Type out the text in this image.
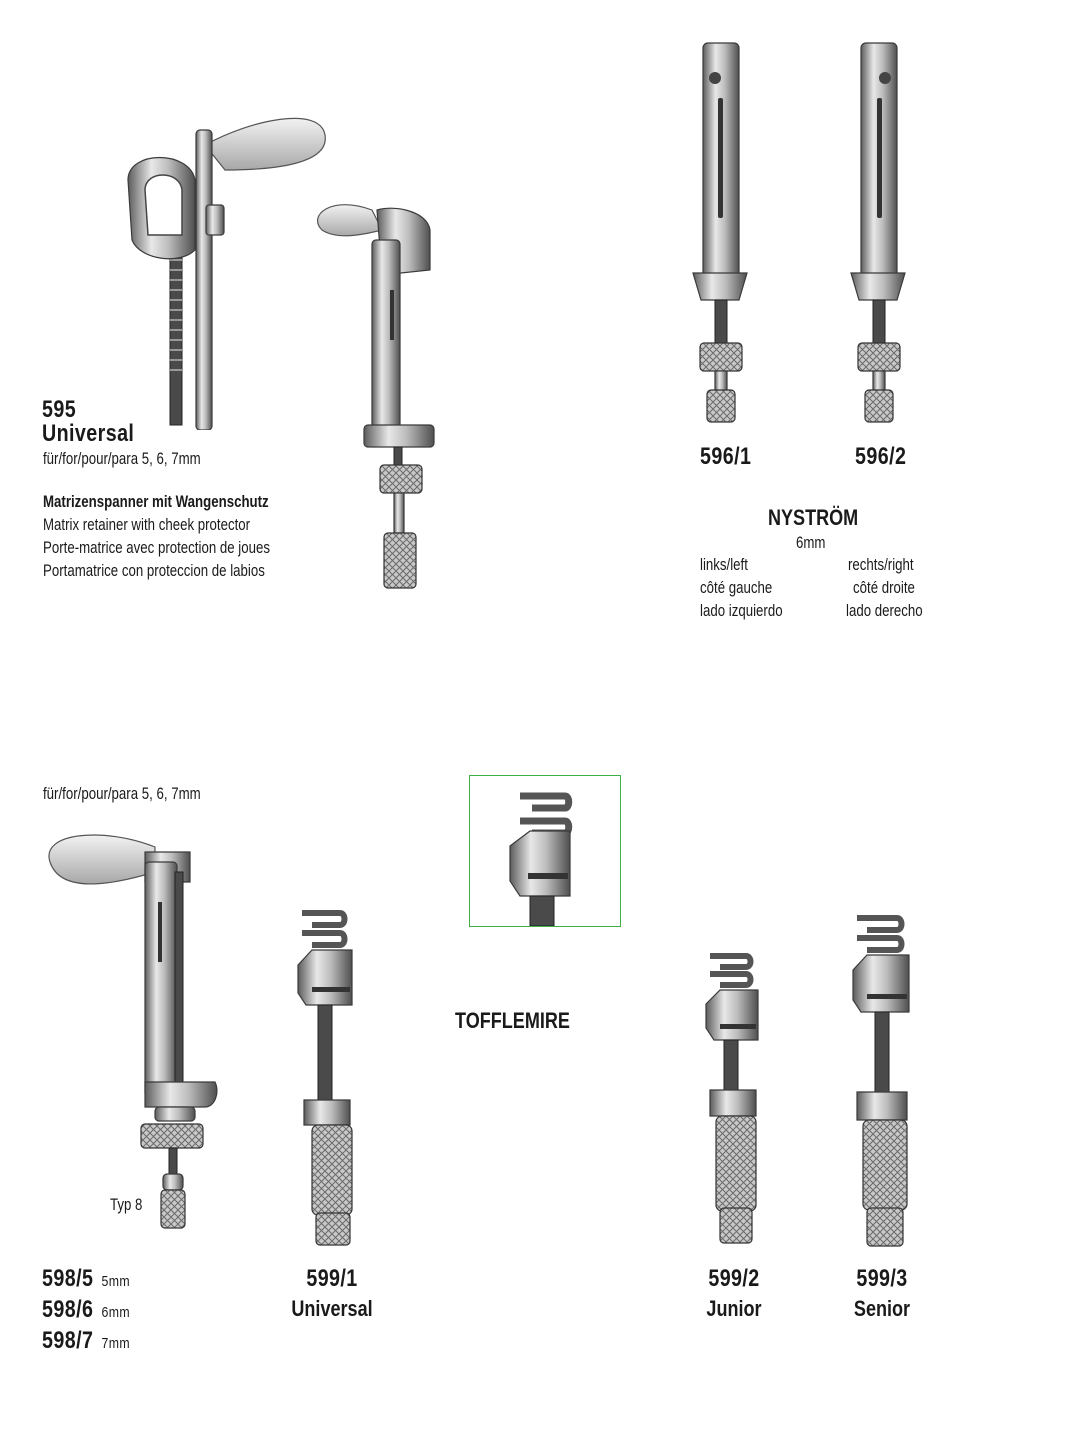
595
Universal
für/for/pour/para 5, 6, 7mm
Matrizenspanner mit Wangenschutz
Matrix retainer with cheek protector
Porte-matrice avec protection de joues
Portamatrice con proteccion de labios
596/1	596/2
NYSTRÖM
6mm
links/left
côté gauche
lado izquierdo
rechts/right
côté droite
lado derecho
für/for/pour/para 5, 6, 7mm
Typ 8
TOFFLEMIRE
598/5 5mm
598/6 6mm
598/7 7mm
599/1
Universal
599/2
Junior
599/3
Senior
